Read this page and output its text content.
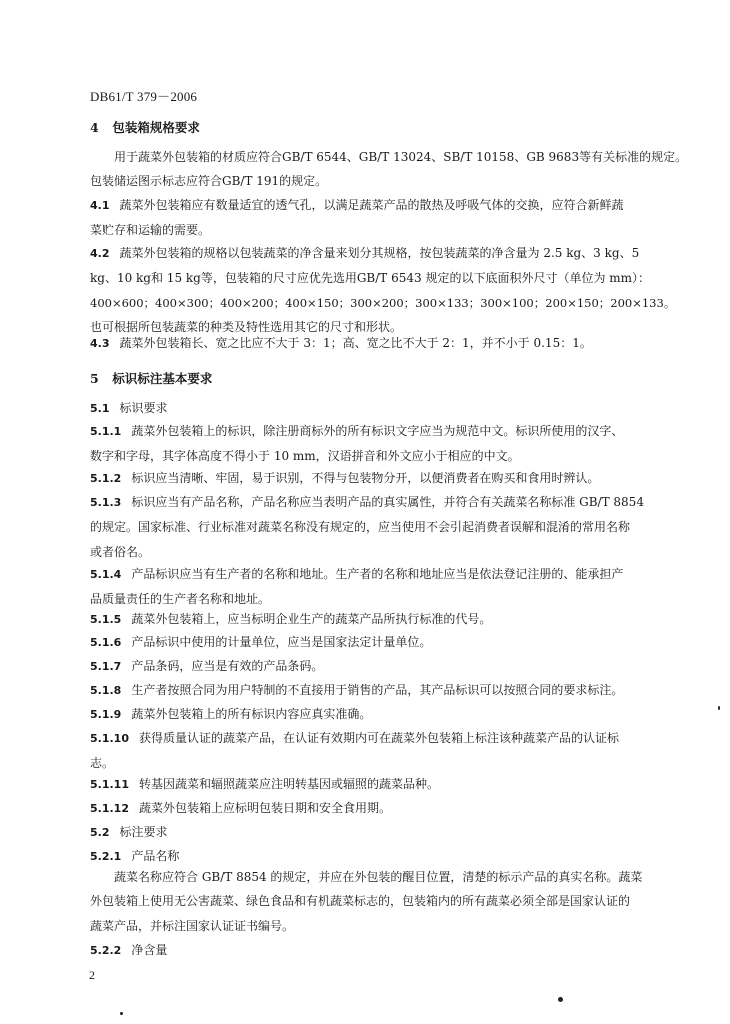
DB61/T 379－2006
4 包装箱规格要求
用于蔬菜外包装箱的材质应符合GB/T 6544、GB/T 13024、SB/T 10158、GB 9683等有关标准的规定。
包装储运图示标志应符合GB/T 191的规定。
4.1 蔬菜外包装箱应有数量适宜的透气孔，以满足蔬菜产品的散热及呼吸气体的交换，应符合新鲜蔬
菜贮存和运输的需要。
4.2 蔬菜外包装箱的规格以包装蔬菜的净含量来划分其规格，按包装蔬菜的净含量为 2.5 kg、3 kg、5
kg、10 kg和 15 kg等，包装箱的尺寸应优先选用GB/T 6543 规定的以下底面积外尺寸（单位为 mm）：
400×600；400×300；400×200；400×150；300×200；300×133；300×100；200×150；200×133。
也可根据所包装蔬菜的种类及特性选用其它的尺寸和形状。
4.3 蔬菜外包装箱长、宽之比应不大于 3：1；高、宽之比不大于 2：1，并不小于 0.15：1。
5 标识标注基本要求
5.1 标识要求
5.1.1 蔬菜外包装箱上的标识，除注册商标外的所有标识文字应当为规范中文。标识所使用的汉字、
数字和字母，其字体高度不得小于 10 mm，汉语拼音和外文应小于相应的中文。
5.1.2 标识应当清晰、牢固，易于识别，不得与包装物分开，以便消费者在购买和食用时辨认。
5.1.3 标识应当有产品名称，产品名称应当表明产品的真实属性，并符合有关蔬菜名称标准 GB/T 8854
的规定。国家标准、行业标准对蔬菜名称没有规定的，应当使用不会引起消费者误解和混淆的常用名称
或者俗名。
5.1.4 产品标识应当有生产者的名称和地址。生产者的名称和地址应当是依法登记注册的、能承担产
品质量责任的生产者名称和地址。
5.1.5 蔬菜外包装箱上，应当标明企业生产的蔬菜产品所执行标准的代号。
5.1.6 产品标识中使用的计量单位，应当是国家法定计量单位。
5.1.7 产品条码，应当是有效的产品条码。
5.1.8 生产者按照合同为用户特制的不直接用于销售的产品，其产品标识可以按照合同的要求标注。
5.1.9 蔬菜外包装箱上的所有标识内容应真实准确。
5.1.10 获得质量认证的蔬菜产品，在认证有效期内可在蔬菜外包装箱上标注该种蔬菜产品的认证标
志。
5.1.11 转基因蔬菜和辐照蔬菜应注明转基因或辐照的蔬菜品种。
5.1.12 蔬菜外包装箱上应标明包装日期和安全食用期。
5.2 标注要求
5.2.1 产品名称
蔬菜名称应符合 GB/T 8854 的规定，并应在外包装的醒目位置，清楚的标示产品的真实名称。蔬菜
外包装箱上使用无公害蔬菜、绿色食品和有机蔬菜标志的，包装箱内的所有蔬菜必须全部是国家认证的
蔬菜产品，并标注国家认证证书编号。
5.2.2 净含量
2
